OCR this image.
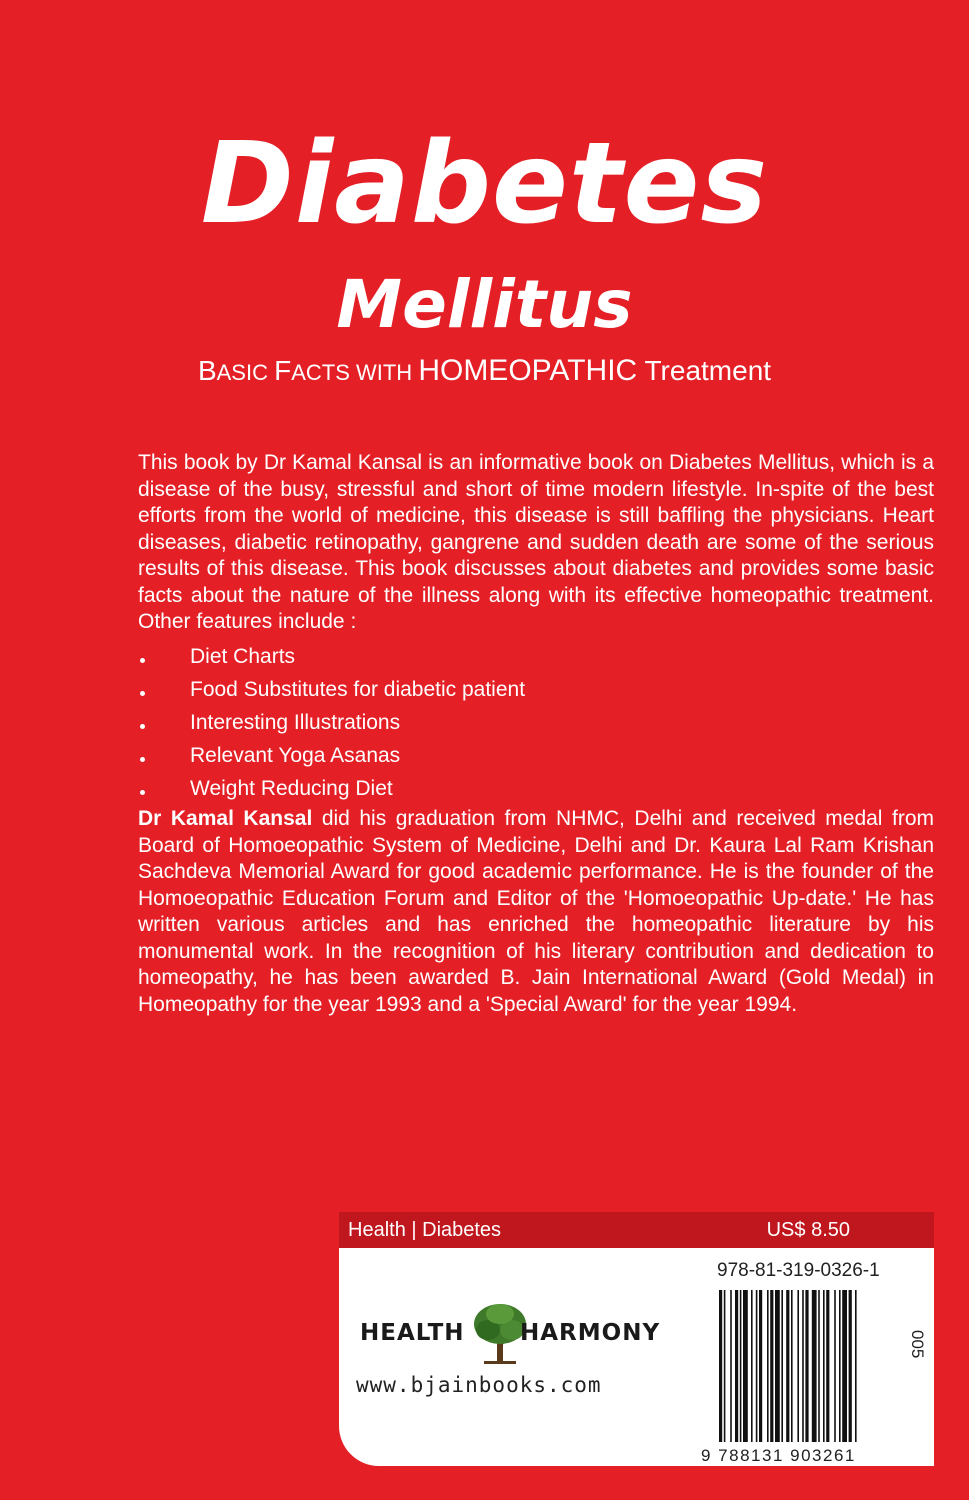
Diabetes
Mellitus
BASIC FACTS WITH HOMEOPATHIC Treatment

This book by Dr Kamal Kansal is an informative book on Diabetes Mellitus, which is a disease of the busy, stressful and short of time modern lifestyle. In-spite of the best efforts from the world of medicine, this disease is still baffling the physicians. Heart diseases, diabetic retinopathy, gangrene and sudden death are some of the serious results of this disease. This book discusses about diabetes and provides some basic facts about the nature of the illness along with its effective homeopathic treatment. Other features include :

Diet Charts
Food Substitutes for diabetic patient
Interesting Illustrations
Relevant Yoga Asanas
Weight Reducing Diet

Dr Kamal Kansal did his graduation from NHMC, Delhi and received medal from Board of Homoeopathic System of Medicine, Delhi and Dr. Kaura Lal Ram Krishan Sachdeva Memorial Award for good academic performance. He is the founder of the Homoeopathic Education Forum and Editor of the 'Homoeopathic Up-date.' He has written various articles and has enriched the homeopathic literature by his monumental work. In the recognition of his literary contribution and dedication to homeopathy, he has been awarded B. Jain International Award (Gold Medal) in Homeopathy for the year 1993 and a 'Special Award' for the year 1994.

Health | Diabetes	US$ 8.50
978-81-319-0326-1
HEALTH HARMONY
www.bjainbooks.com
005
9 788131 903261
